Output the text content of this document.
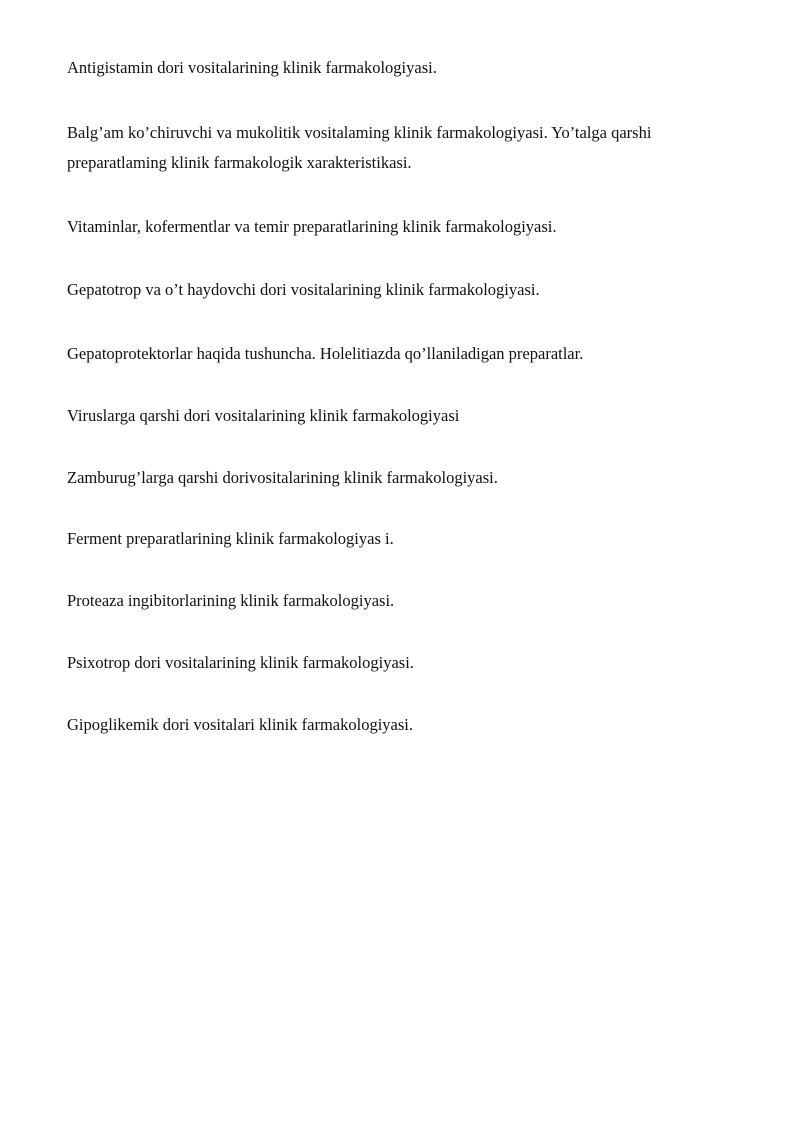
Antigistamin dori vositalarining klinik farmakologiyasi.

Balg’am ko’chiruvchi va mukolitik vositalaming klinik farmakologiyasi. Yo’talga qarshi preparatlaming klinik farmakologik xarakteristikasi.

Vitaminlar, kofermentlar va temir preparatlarining klinik farmakologiyasi.

Gepatotrop va o’t haydovchi dori vositalarining klinik farmakologiyasi.

Gepatoprotektorlar haqida tushuncha. Holelitiazda qo’llaniladigan preparatlar.

Viruslarga qarshi dori vositalarining klinik farmakologiyasi

Zamburug’larga qarshi dorivositalarining klinik farmakologiyasi.

Ferment preparatlarining klinik farmakologiyas i.

Proteaza ingibitorlarining klinik farmakologiyasi.

Psixotrop dori vositalarining klinik farmakologiyasi.

Gipoglikemik dori vositalari klinik farmakologiyasi.
